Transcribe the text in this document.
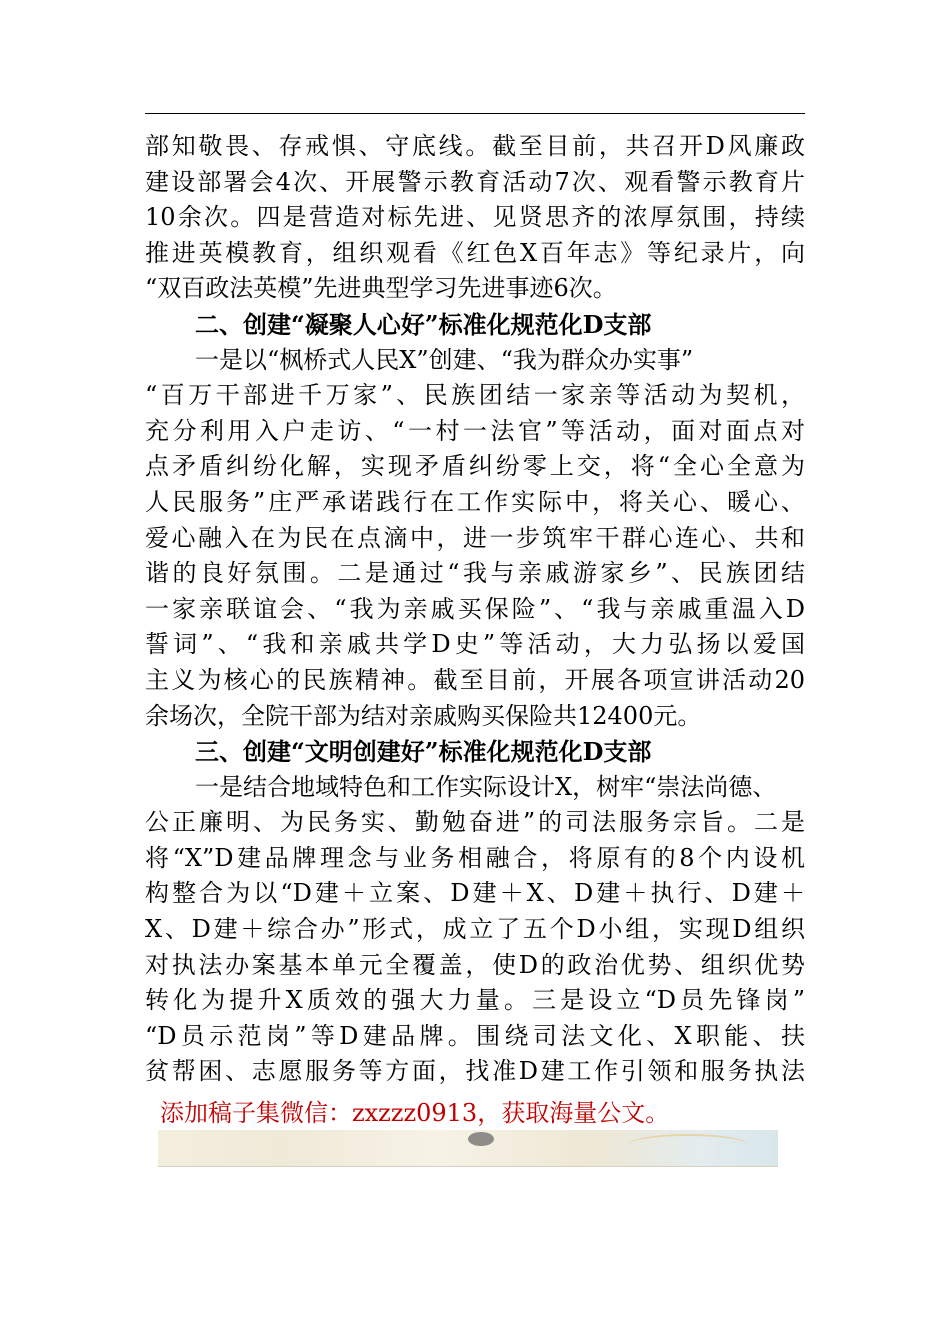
部知敬畏、存戒惧、守底线。截至目前，共召开D风廉政
建设部署会4次、开展警示教育活动7次、观看警示教育片
10余次。四是营造对标先进、见贤思齐的浓厚氛围，持续
推进英模教育，组织观看《红色X百年志》等纪录片，向
“双百政法英模”先进典型学习先进事迹6次。
二、创建“凝聚人心好”标准化规范化D支部
一是以“枫桥式人民X”创建、“我为群众办实事”
“百万干部进千万家”、民族团结一家亲等活动为契机，
充分利用入户走访、“一村一法官”等活动，面对面点对
点矛盾纠纷化解，实现矛盾纠纷零上交，将“全心全意为
人民服务”庄严承诺践行在工作实际中，将关心、暖心、
爱心融入在为民在点滴中，进一步筑牢干群心连心、共和
谐的良好氛围。二是通过“我与亲戚游家乡”、民族团结
一家亲联谊会、“我为亲戚买保险”、“我与亲戚重温入D
誓词”、“我和亲戚共学D史”等活动，大力弘扬以爱国
主义为核心的民族精神。截至目前，开展各项宣讲活动20
余场次，全院干部为结对亲戚购买保险共12400元。
三、创建“文明创建好”标准化规范化D支部
一是结合地域特色和工作实际设计X，树牢“崇法尚德、
公正廉明、为民务实、勤勉奋进”的司法服务宗旨。二是
将“X”D建品牌理念与业务相融合，将原有的8个内设机
构整合为以“D建＋立案、D建＋X、D建＋执行、D建＋
X、D建＋综合办”形式，成立了五个D小组，实现D组织
对执法办案基本单元全覆盖，使D的政治优势、组织优势
转化为提升X质效的强大力量。三是设立“D员先锋岗”
“D员示范岗”等D建品牌。围绕司法文化、X职能、扶
贫帮困、志愿服务等方面，找准D建工作引领和服务执法
添加稿子集微信：zxzzz0913，获取海量公文。
